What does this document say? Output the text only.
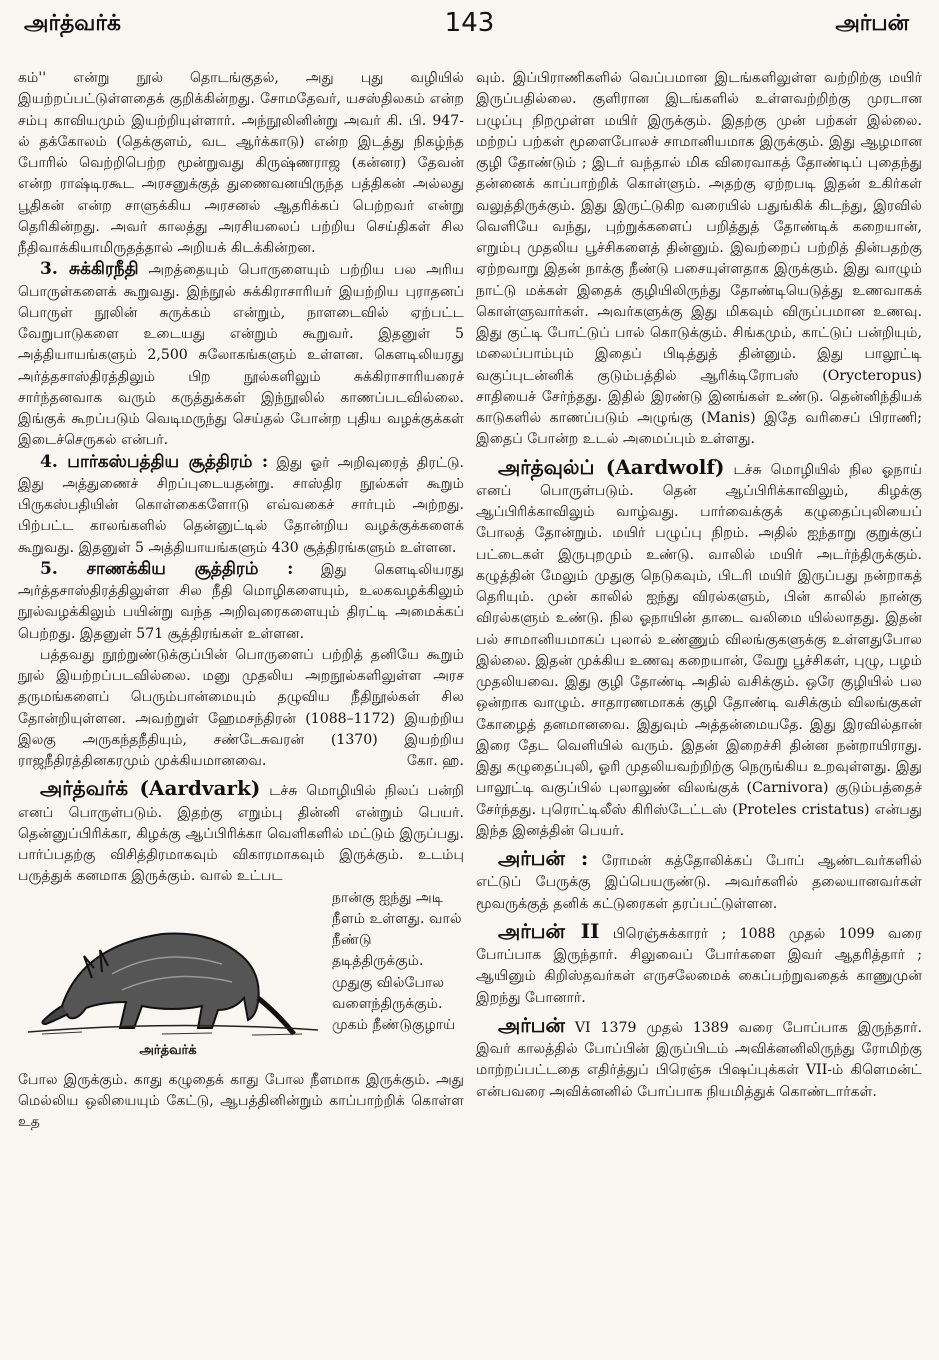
அர்த்வர்க்	143	அர்பன்

கம்'' என்று நூல் தொடங்குதல், அது புது வழியில் இயற்றப்பட்டுள்ளதைக் குறிக்கின்றது. சோமதேவர், யசஸ்திலகம் என்ற சம்பு காவியமும் இயற்றியுள்ளார். அந்நூலினின்று அவர் கி. பி. 947-ல் தக்கோலம் (தெக்குளம், வட ஆர்க்காடு) என்ற இடத்து நிகழ்ந்த போரில் வெற்றிபெற்ற மூன்றுவது கிருஷ்ணராஜ (கன்னர) தேவன் என்ற ராஷ்டிரகூட அரசனுக்குத் துணைவனயிருந்த பத்திகன் அல்லது பூதிகன் என்ற சாளுக்கிய அரசனல் ஆதரிக்கப் பெற்றவர் என்று தெரிகின்றது. அவர் காலத்து அரசியலைப் பற்றிய செய்திகள் சில நீதிவாக்கியாமிருதத்தால் அறியக் கிடக்கின்றன.

3. சுக்கிரநீதி அறத்தையும் பொருளையும் பற்றிய பல அரிய பொருள்களைக் கூறுவது. இந்நூல் சுக்கிராசாரியர் இயற்றிய புராதனப் பொருள் நூலின் சுருக்கம் என்றும், நாளடைவில் ஏற்பட்ட வேறுபாடுகளை உடையது என்றும் கூறுவர். இதனுள் 5 அத்தியாயங்களும் 2,500 சுலோகங்களும் உள்ளன. கௌடிலியரது அர்த்தசாஸ்திரத்திலும் பிற நூல்களிலும் சுக்கிராசாரியரைச் சார்ந்தனவாக வரும் கருத்துக்கள் இந்நூலில் காணப்படவில்லை. இங்குக் கூறப்படும் வெடிமருந்து செய்தல் போன்ற புதிய வழக்குக்கள் இடைச்செருகல் என்பர்.

4. பார்கஸ்பத்திய சூத்திரம் : இது ஓர் அறிவுரைத் திரட்டு. இது அத்துணைச் சிறப்புடையதன்று. சாஸ்திர நூல்கள் கூறும் பிருகஸ்பதியின் கொள்கைகளோடு எவ்வகைச் சார்பும் அற்றது. பிற்பட்ட காலங்களில் தென்னுட்டில் தோன்றிய வழக்குக்களைக் கூறுவது. இதனுள் 5 அத்தியாயங்களும் 430 சூத்திரங்களும் உள்ளன.

5. சாணக்கிய சூத்திரம் : இது கௌடிலியரது அர்த்தசாஸ்திரத்திலுள்ள சில நீதி மொழிகளையும், உலகவழக்கிலும் நூல்வழக்கிலும் பயின்று வந்த அறிவுரைகளையும் திரட்டி அமைக்கப் பெற்றது. இதனுள் 571 சூத்திரங்கள் உள்ளன.

பத்தவது நூற்றுண்டுக்குப்பின் பொருளைப் பற்றித் தனியே கூறும் நூல் இயற்றப்படவில்லை. மனு முதலிய அறநூல்களிலுள்ள அரச தருமங்களைப் பெரும்பான்மையும் தழுவிய நீதிநூல்கள் சில தோன்றியுள்ளன. அவற்றுள் ஹேமசந்திரன் (1088–1172) இயற்றிய இலகு அருகந்தநீதியும், சண்டேசுவரன் (1370) இயற்றிய ராஜநீதிரத்தினகரமும் முக்கியமானவை.	கோ. ஹ.

அர்த்வர்க் (Aardvark) டச்சு மொழியில் நிலப் பன்றி எனப் பொருள்படும். இதற்கு எறும்பு தின்னி என்றும் பெயர். தென்னுப்பிரிக்கா, கிழக்கு ஆப்பிரிக்கா வெளிகளில் மட்டும் இருப்பது. பார்ப்பதற்கு விசித்திரமாகவும் விகாரமாகவும் இருக்கும். உடம்பு பருத்துக் கனமாக இருக்கும். வால் உட்பட

அர்த்வர்க்

நான்கு ஐந்து அடி நீளம் உள்ளது. வால் நீண்டு தடித்திருக்கும். முதுகு வில்போல வளைந்திருக்கும். முகம் நீண்டுகுழாய்

போல இருக்கும். காது கழுதைக் காது போல நீளமாக இருக்கும். அது மெல்லிய ஒலியையும் கேட்டு, ஆபத்தினின்றும் காப்பாற்றிக் கொள்ள உத

வும். இப்பிராணிகளில் வெப்பமான இடங்களிலுள்ள வற்றிற்கு மயிர் இருப்பதில்லை. குளிரான இடங்களில் உள்ளவற்றிற்கு முரடான பழுப்பு நிறமுள்ள மயிர் இருக்கும். இதற்கு முன் பற்கள் இல்லை. மற்றப் பற்கள் மூளைபோலச் சாமானியமாக இருக்கும். இது ஆழமான குழி தோண்டும் ; இடர் வந்தால் மிக விரைவாகத் தோண்டிப் புதைந்து தன்னைக் காப்பாற்றிக் கொள்ளும். அதற்கு ஏற்றபடி இதன் உகிர்கள் வலுத்திருக்கும். இது இருட்டுகிற வரையில் பதுங்கிக் கிடந்து, இரவில் வெளியே வந்து, புற்றுக்களைப் பறித்துத் தோண்டிக் கறையான், எறும்பு முதலிய பூச்சிகளைத் தின்னும். இவற்றைப் பற்றித் தின்பதற்கு ஏற்றவாறு இதன் நாக்கு நீண்டு பசையுள்ளதாக இருக்கும். இது வாழும் நாட்டு மக்கள் இதைக் குழியிலிருந்து தோண்டியெடுத்து உணவாகக் கொள்ளுவார்கள். அவர்களுக்கு இது மிகவும் விருப்பமான உணவு. இது குட்டி போட்டுப் பால் கொடுக்கும். சிங்கமும், காட்டுப் பன்றியும், மலைப்பாம்பும் இதைப் பிடித்துத் தின்னும். இது பாலூட்டி வகுப்புடன்னிக் குடும்பத்தில் ஆரிக்டிரோபஸ் (Orycteropus) சாதியைச் சேர்ந்தது. இதில் இரண்டு இனங்கள் உண்டு. தென்னிந்தியக் காடுகளில் காணப்படும் அழுங்கு (Manis) இதே வரிசைப் பிராணி; இதைப் போன்ற உடல் அமைப்பும் உள்ளது.

அர்த்வுல்ப் (Aardwolf) டச்சு மொழியில் நில ஓநாய் எனப் பொருள்படும். தென் ஆப்பிரிக்காவிலும், கிழக்கு ஆப்பிரிக்காவிலும் வாழ்வது. பார்வைக்குக் கழுதைப்புலியைப் போலத் தோன்றும். மயிர் பழுப்பு நிறம். அதில் ஐந்தாறு குறுக்குப் பட்டைகள் இருபுறமும் உண்டு. வாலில் மயிர் அடர்ந்திருக்கும். கழுத்தின் மேலும் முதுகு நெடுகவும், பிடரி மயிர் இருப்பது நன்றாகத் தெரியும். முன் காலில் ஐந்து விரல்களும், பின் காலில் நான்கு விரல்களும் உண்டு. நில ஓநாயின் தாடை வலிமை யில்லாதது. இதன் பல் சாமானியமாகப் புலால் உண்ணும் விலங்குகளுக்கு உள்ளதுபோல இல்லை. இதன் முக்கிய உணவு கறையான், வேறு பூச்சிகள், புழு, பழம் முதலியவை. இது குழி தோண்டி அதில் வசிக்கும். ஒரே குழியில் பல ஒன்றாக வாழும். சாதாரணமாகக் குழி தோண்டி வசிக்கும் விலங்குகள் கோழைத் தனமானவை. இதுவும் அத்தன்மையதே. இது இரவில்தான் இரை தேட வெளியில் வரும். இதன் இறைச்சி தின்ன நன்றாயிராது. இது கழுதைப்புலி, ஓரி முதலியவற்றிற்கு நெருங்கிய உறவுள்ளது. இது பாலூட்டி வகுப்பில் புலாலுண் விலங்குக் (Carnivora) குடும்பத்தைச் சேர்ந்தது. புரொட்டிலீஸ் கிரிஸ்டேட்டஸ் (Proteles cristatus) என்பது இந்த இனத்தின் பெயர்.

அர்பன் : ரோமன் கத்தோலிக்கப் போப் ஆண்டவர்களில் எட்டுப் பேருக்கு இப்பெயருண்டு. அவர்களில் தலையானவர்கள் மூவருக்குத் தனிக் கட்டுரைகள் தரப்பட்டுள்ளன.

அர்பன் II பிரெஞ்சுக்காரர் ; 1088 முதல் 1099 வரை போப்பாக இருந்தார். சிலுவைப் போர்களை இவர் ஆதரித்தார் ; ஆயினும் கிறிஸ்தவர்கள் எருசலேமைக் கைப்பற்றுவதைக் காணுமுன் இறந்து போனார்.

அர்பன் VI 1379 முதல் 1389 வரை போப்பாக இருந்தார். இவர் காலத்தில் போப்பின் இருப்பிடம் அவிக்னனிலிருந்து ரோமிற்கு மாற்றப்பட்டதை எதிர்த்துப் பிரெஞ்சு பிஷப்புக்கள் VII-ம் கிளெமன்ட் என்பவரை அவிக்னனில் போப்பாக நியமித்துக் கொண்டார்கள்.
